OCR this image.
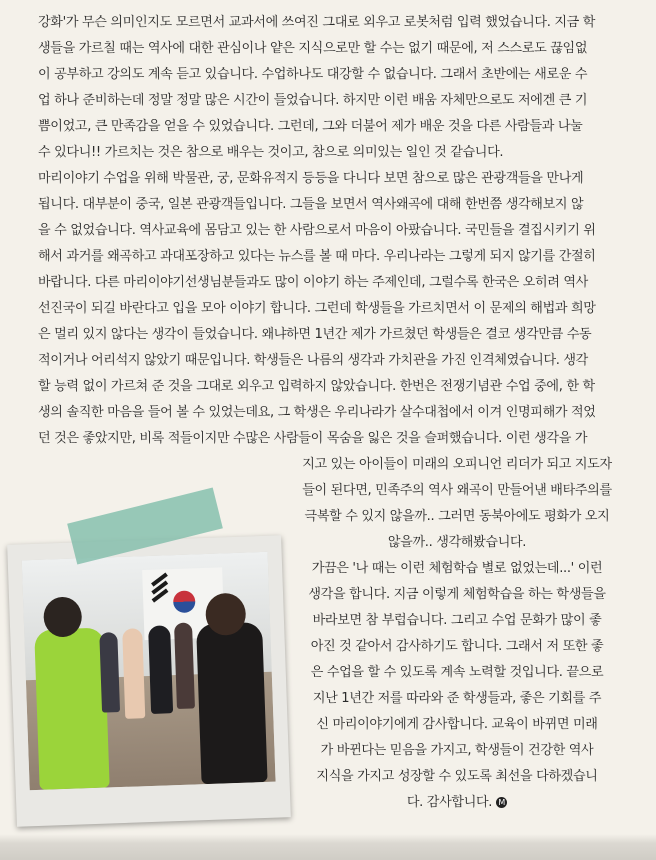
강화'가 무슨 의미인지도 모르면서 교과서에 쓰여진 그대로 외우고 로봇처럼 입력 했었습니다. 지금 학
생들을 가르칠 때는 역사에 대한 관심이나 얕은 지식으로만 할 수는 없기 때문에, 저 스스로도 끊임없
이 공부하고 강의도 계속 듣고 있습니다. 수업하나도 대강할 수 없습니다. 그래서 초반에는 새로운 수
업 하나 준비하는데 정말 정말 많은 시간이 들었습니다. 하지만 이런 배움 자체만으로도 저에겐 큰 기
쁨이었고, 큰 만족감을 얻을 수 있었습니다. 그런데, 그와 더불어 제가 배운 것을 다른 사람들과 나눌
수 있다니!! 가르치는 것은 참으로 배우는 것이고, 참으로 의미있는 일인 것 같습니다.
마리이야기 수업을 위해 박물관, 궁, 문화유적지 등등을 다니다 보면 참으로 많은 관광객들을 만나게
됩니다. 대부분이 중국, 일본 관광객들입니다. 그들을 보면서 역사왜곡에 대해 한번쯤 생각해보지 않
을 수 없었습니다. 역사교육에 몸담고 있는 한 사람으로서 마음이 아팠습니다. 국민들을 결집시키기 위
해서 과거를 왜곡하고 과대포장하고 있다는 뉴스를 볼 때 마다. 우리나라는 그렇게 되지 않기를 간절히
바랍니다. 다른 마리이야기선생님분들과도 많이 이야기 하는 주제인데, 그럴수록 한국은 오히려 역사
선진국이 되길 바란다고 입을 모아 이야기 합니다. 그런데 학생들을 가르치면서 이 문제의 해법과 희망
은 멀리 있지 않다는 생각이 들었습니다. 왜냐하면 1년간 제가 가르쳤던 학생들은 결코 생각만큼 수동
적이거나 어리석지 않았기 때문입니다. 학생들은 나름의 생각과 가치관을 가진 인격체였습니다. 생각
할 능력 없이 가르쳐 준 것을 그대로 외우고 입력하지 않았습니다. 한번은 전쟁기념관 수업 중에, 한 학
생의 솔직한 마음을 들어 볼 수 있었는데요, 그 학생은 우리나라가 살수대첩에서 이겨 인명피해가 적었
던 것은 좋았지만, 비록 적들이지만 수많은 사람들이 목숨을 잃은 것을 슬퍼했습니다. 이런 생각을 가
지고 있는 아이들이 미래의 오피니언 리더가 되고 지도자
들이 된다면, 민족주의 역사 왜곡이 만들어낸 배타주의를
극복할 수 있지 않을까.. 그러면 동북아에도 평화가 오지
않을까.. 생각해봤습니다.
가끔은 '나 때는 이런 체험학습 별로 없었는데...' 이런
생각을 합니다. 지금 이렇게 체험학습을 하는 학생들을
바라보면 참 부럽습니다. 그리고 수업 문화가 많이 좋
아진 것 같아서 감사하기도 합니다. 그래서 저 또한 좋
은 수업을 할 수 있도록 계속 노력할 것입니다. 끝으로
지난 1년간 저를 따라와 준 학생들과, 좋은 기회를 주
신 마리이야기에게 감사합니다. 교육이 바뀌면 미래
가 바뀐다는 믿음을 가지고, 학생들이 건강한 역사
지식을 가지고 성장할 수 있도록 최선을 다하겠습니
다. 감사합니다. M
